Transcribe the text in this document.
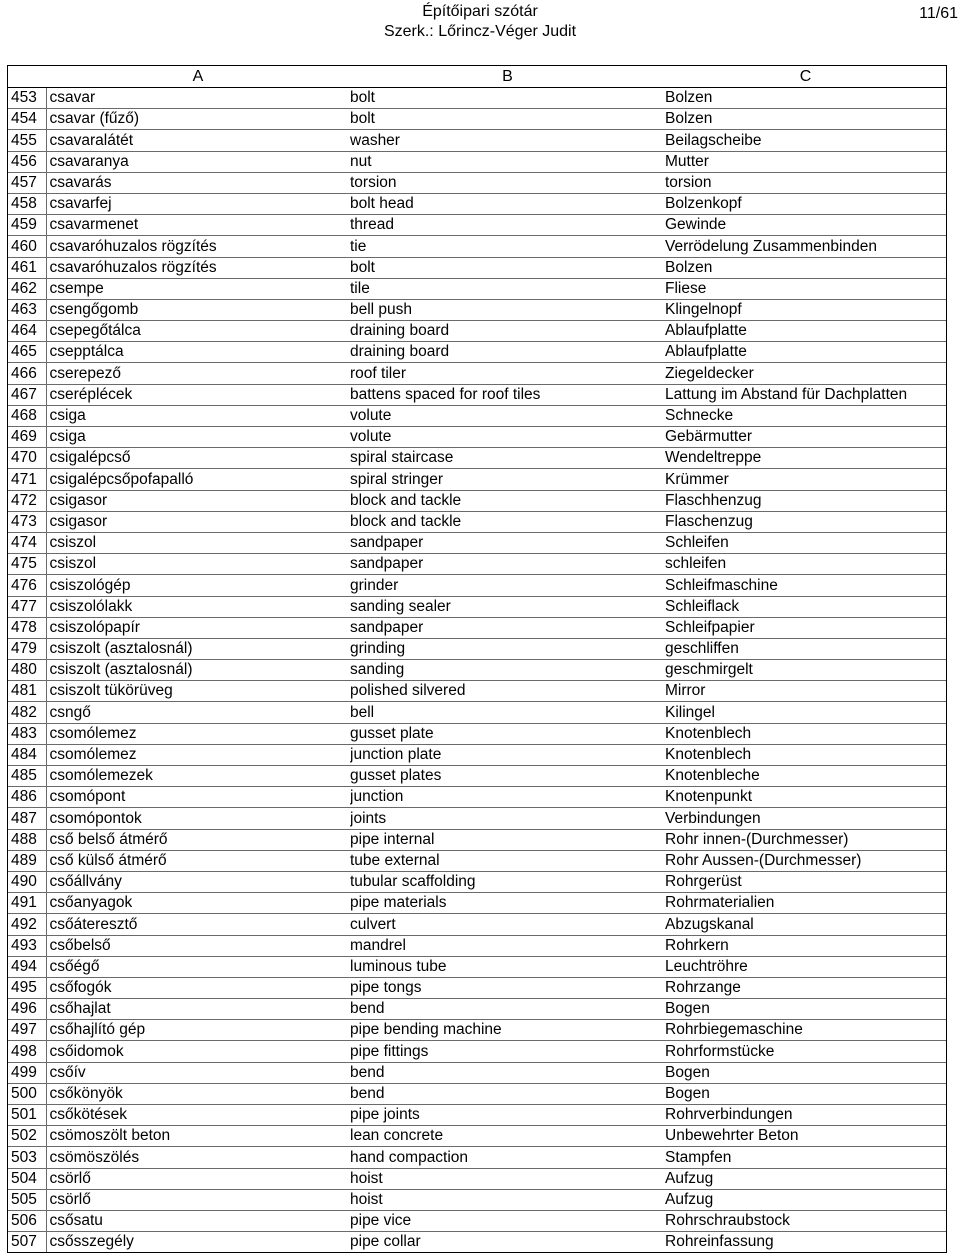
Építőipari szótár
Szerk.: Lőrincz-Véger Judit
11/61
	A	B	C
453	csavar	bolt	Bolzen
454	csavar (fűző)	bolt	Bolzen
455	csavaralátét	washer	Beilagscheibe
456	csavaranya	nut	Mutter
457	csavarás	torsion	torsion
458	csavarfej	bolt head	Bolzenkopf
459	csavarmenet	thread	Gewinde
460	csavaróhuzalos rögzítés	tie	Verrödelung Zusammenbinden
461	csavaróhuzalos rögzítés	bolt	Bolzen
462	csempe	tile	Fliese
463	csengőgomb	bell push	Klingelnopf
464	csepegőtálca	draining board	Ablaufplatte
465	csepptálca	draining board	Ablaufplatte
466	cserepező	roof tiler	Ziegeldecker
467	cseréplécek	battens spaced for roof tiles	Lattung im Abstand für Dachplatten
468	csiga	volute	Schnecke
469	csiga	volute	Gebärmutter
470	csigalépcső	spiral staircase	Wendeltreppe
471	csigalépcsőpofapalló	spiral stringer	Krümmer
472	csigasor	block and tackle	Flaschhenzug
473	csigasor	block and tackle	Flaschenzug
474	csiszol	sandpaper	Schleifen
475	csiszol	sandpaper	schleifen
476	csiszológép	grinder	Schleifmaschine
477	csiszolólakk	sanding sealer	Schleiflack
478	csiszolópapír	sandpaper	Schleifpapier
479	csiszolt (asztalosnál)	grinding	geschliffen
480	csiszolt (asztalosnál)	sanding	geschmirgelt
481	csiszolt tükörüveg	polished silvered	Mirror
482	csngő	bell	Kilingel
483	csomólemez	gusset plate	Knotenblech
484	csomólemez	junction plate	Knotenblech
485	csomólemezek	gusset plates	Knotenbleche
486	csomópont	junction	Knotenpunkt
487	csomópontok	joints	Verbindungen
488	cső belső átmérő	pipe internal	Rohr innen-(Durchmesser)
489	cső külső átmérő	tube external	Rohr Aussen-(Durchmesser)
490	csőállvány	tubular scaffolding	Rohrgerüst
491	csőanyagok	pipe materials	Rohrmaterialien
492	csőáteresztő	culvert	Abzugskanal
493	csőbelső	mandrel	Rohrkern
494	csőégő	luminous tube	Leuchtröhre
495	csőfogók	pipe tongs	Rohrzange
496	csőhajlat	bend	Bogen
497	csőhajlító gép	pipe bending machine	Rohrbiegemaschine
498	csőidomok	pipe fittings	Rohrformstücke
499	csőív	bend	Bogen
500	csőkönyök	bend	Bogen
501	csőkötések	pipe joints	Rohrverbindungen
502	csömoszölt beton	lean concrete	Unbewehrter Beton
503	csömöszölés	hand compaction	Stampfen
504	csörlő	hoist	Aufzug
505	csörlő	hoist	Aufzug
506	csősatu	pipe vice	Rohrschraubstock
507	csősszegély	pipe collar	Rohreinfassung
